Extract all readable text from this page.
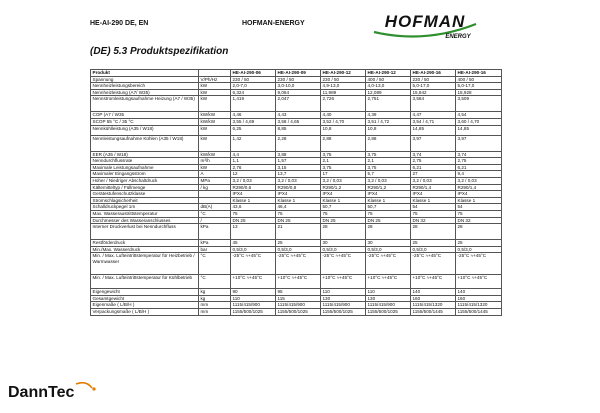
HE-AI-290 DE, EN	HOFMAN-ENERGY	HOFMAN
ENERGY
(DE) 5.3 Produktspezifikation
Produkt		HE-AI-290-06	HE-AI-290-09	HE-AI-290-12	HE-AI-290-12	HE-AI-290-16	HE-AI-290-16
Spannung	V/Ph/Hz	230 / 50	230 / 50	230 / 50	400 / 50	230 / 50	400 / 50
Nennheizleistungsbereich	kW	2,0-7,0	3,0-10,0	4,9-13,0	4,0-13,0	5,0-17,0	5,0-17,0
Nennheizleistung (A7/ W35)	kW	6,324	9,064	11,989	12,089	15,942	15,928
Nennstromleistungsaufnahme Heizung (A7 / W35)	kW	1,419	2,047	2,726	2,751	3,584	3,509
COP (A7 / W35	kW/kW	4,46	4,43	4,40	4,39	4,47	4,54
SCOP 55 °C / 35 °C	kW/kW	3,55 / 4,69	3,58 / 4,65	3,52 / 4,70	3,51 / 4,72	3,54 / 4,71	3,60 / 4,70
Nennkühlleistung (A35 / W18)	kW	6,25	8,85	10,8	10,8	14,85	14,85
Nennleistungsaufnahme Kühlen (A35 / W18)	kW	1,42	2,28	2,88	2,88	3,97	3,97
EER (A35 / W18)	kW/kW	4,4	3,88	3,75	3,75	3,74	3,74
Nenndurchflussrate	m³/h	1,1	1,57	2,1	2,1	2,75	2,75
Maximale Leistungsaufnahme	kW	2,76	3,15	3,75	3,75	6,21	6,21
Maximaler Eingangsstrom	A	12	13,7	17	5,7	27	9,4
Hoher / Niedriger Abschaltdruck	MPa	3,2 / 0,03	3,2 / 0,03	3,2 / 0,03	3,2 / 0,03	3,2 / 0,03	3,2 / 0,03
Kältemitteltyp / Füllmenge	/ kg	R290/0,6	R290/0,8	R290/1,2	R290/1,2	R290/1,4	R290/1,4
Gerätestufenschutzklasse		IPX4	IPX4	IPX4	IPX4	IPX4	IPX4
Stromschlagsicherheit		Klasse 1	Klasse 1	Klasse 1	Klasse 1	Klasse 1	Klasse 1
Schalldruckpegel 1m	dB(A)	43,6	46,4	50,7	50,7	54	54
Max. Wasseraustrittstemperatur	°C	75	75	75	75	75	75
Durchmesser des Wasseranschlusses	/	DN 25	DN 25	DN 25	DN 25	DN 32	DN 32
Interner Druckverlust bei Nenndurchfluss	kPa	13	21	28	28	28	28
Restförderdruck	kPa	45	25	30	30	25	25
Min./Max. Wasserdruck	bar	0,5/3,0	0,5/3,0	0,5/3,0	0,5/3,0	0,5/3,0	0,5/3,0
Min. / Max. Lufteintrittstemperatur für Heizbetrieb / Warmwasser	°C	-25°C ≈+45°C	-25°C ≈+45°C	-25°C ≈+45°C	-25°C ≈+45°C	-25°C ≈+45°C	-25°C ≈+45°C
Min. / Max. Lufteintrittstemperatur für Kühlbetrieb	°C	+10°C ≈+45°C	+10°C ≈+45°C	+10°C ≈+45°C	+10°C ≈+45°C	+10°C ≈+45°C	+10°C ≈+45°C
Eigengewicht	kg	90	95	110	110	140	140
Gesamtgewicht	kg	110	115	130	130	160	160
Eigenmaße ( L/B/H )	mm	1115/415/900	1115/415/900	1115/415/900	1115/415/900	1115/415/1320	1115/415/1320
Verpackungsmaße ( L/B/H )	mm	1155/500/1025	1155/500/1025	1155/500/1025	1155/500/1025	1155/500/1445	1155/500/1445
DannTec
